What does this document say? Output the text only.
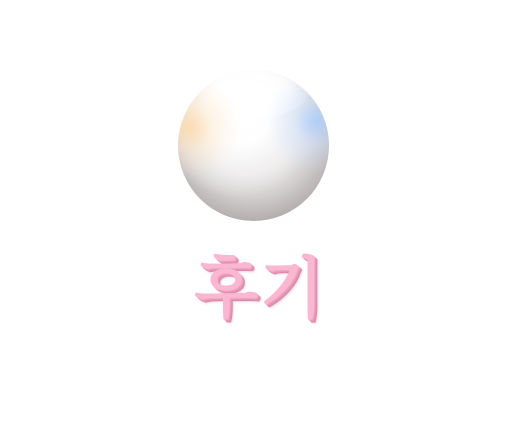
후기
